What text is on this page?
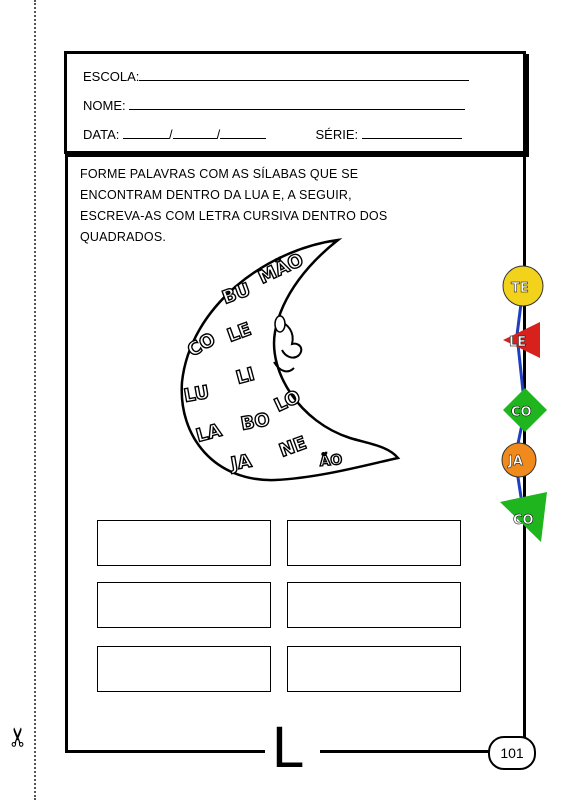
✂
ESCOLA:
NOME:
DATA:	/	/	SÉRIE:
FORME PALAVRAS COM AS SÍLABAS QUE SE
ENCONTRAM DENTRO DA LUA E, A SEGUIR,
ESCREVA-AS COM LETRA CURSIVA DENTRO DOS
QUADRADOS.
BU
MÃO
CO LE
LU
LI
LO
LA BO
JA
NE ÃO
TE
LE
CO
JA
CO
L	101
